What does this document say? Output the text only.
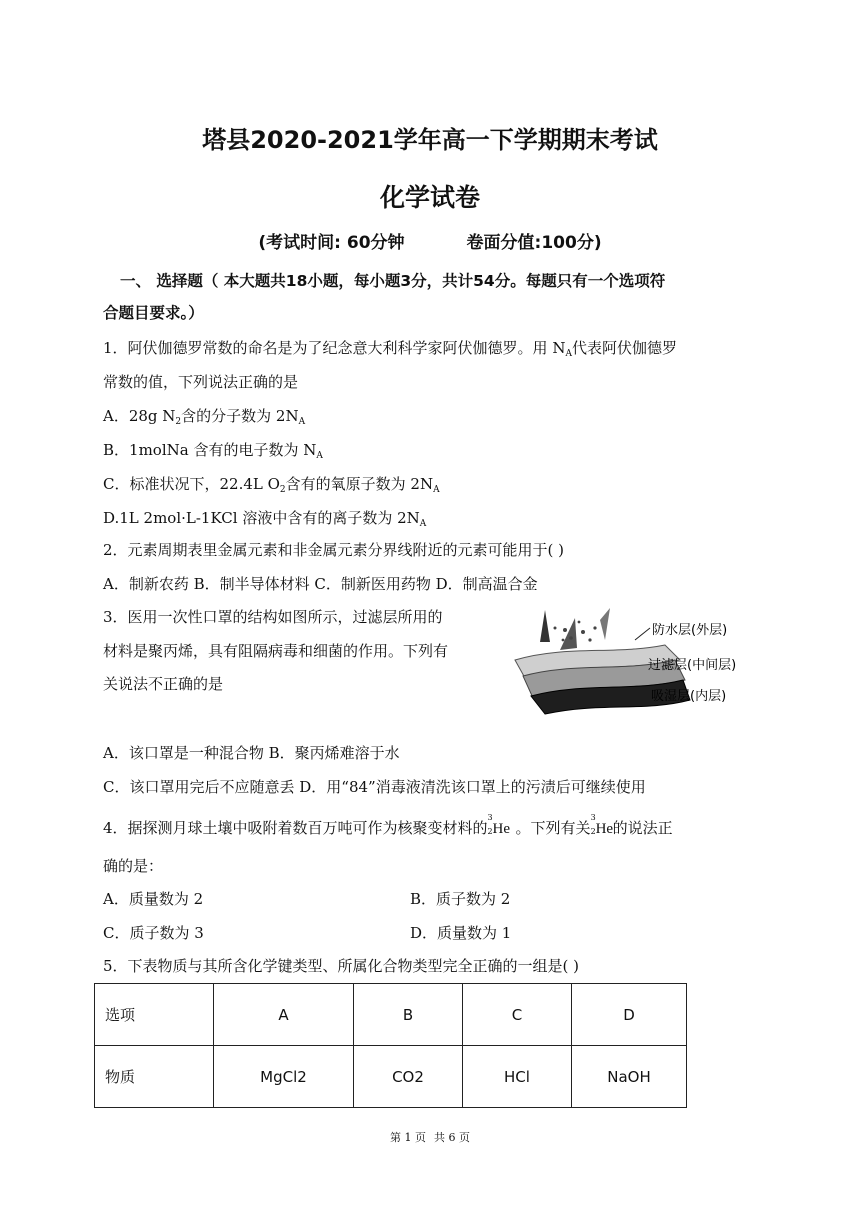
塔县2020-2021学年高一下学期期末考试
化学试卷
(考试时间: 60分钟	卷面分值:100分)
一、 选择题（ 本大题共18小题，每小题3分，共计54分。每题只有一个选项符
合题目要求。）
1．阿伏伽德罗常数的命名是为了纪念意大利科学家阿伏伽德罗。用 $N_A$代表阿伏伽德罗
常数的值，下列说法正确的是
A．28g $N_2$含的分子数为 $2N_A$
B．1molNa 含有的电子数为 $N_A$
C．标准状况下，22.4L $O_2$含有的氧原子数为 $2N_A$
D.1L 2mol·L-1KCl 溶液中含有的离子数为 $2N_A$
2．元素周期表里金属元素和非金属元素分界线附近的元素可能用于( )
A．制新农药 B．制半导体材料 C．制新医用药物 D．制高温合金
3．医用一次性口罩的结构如图所示，过滤层所用的
材料是聚丙烯，具有阻隔病毒和细菌的作用。下列有
关说法不正确的是
防水层(外层)
过滤层(中间层)
吸湿层(内层)
A．该口罩是一种混合物 B．聚丙烯难溶于水
C．该口罩用完后不应随意丢 D．用“84”消毒液清洗该口罩上的污渍后可继续使用
4．据探测月球土壤中吸附着数百万吨可作为核聚变材料的
3
2 He 。下列有关
3
2 He的说法正
确的是：
A．质量数为 2	B．质子数为 2
C．质子数为 3	D．质量数为 1
5．下表物质与其所含化学键类型、所属化合物类型完全正确的一组是( )
选项	A	B	C	D
物质	MgCl2	CO2	HCl	NaOH
第 1 页 共 6 页
